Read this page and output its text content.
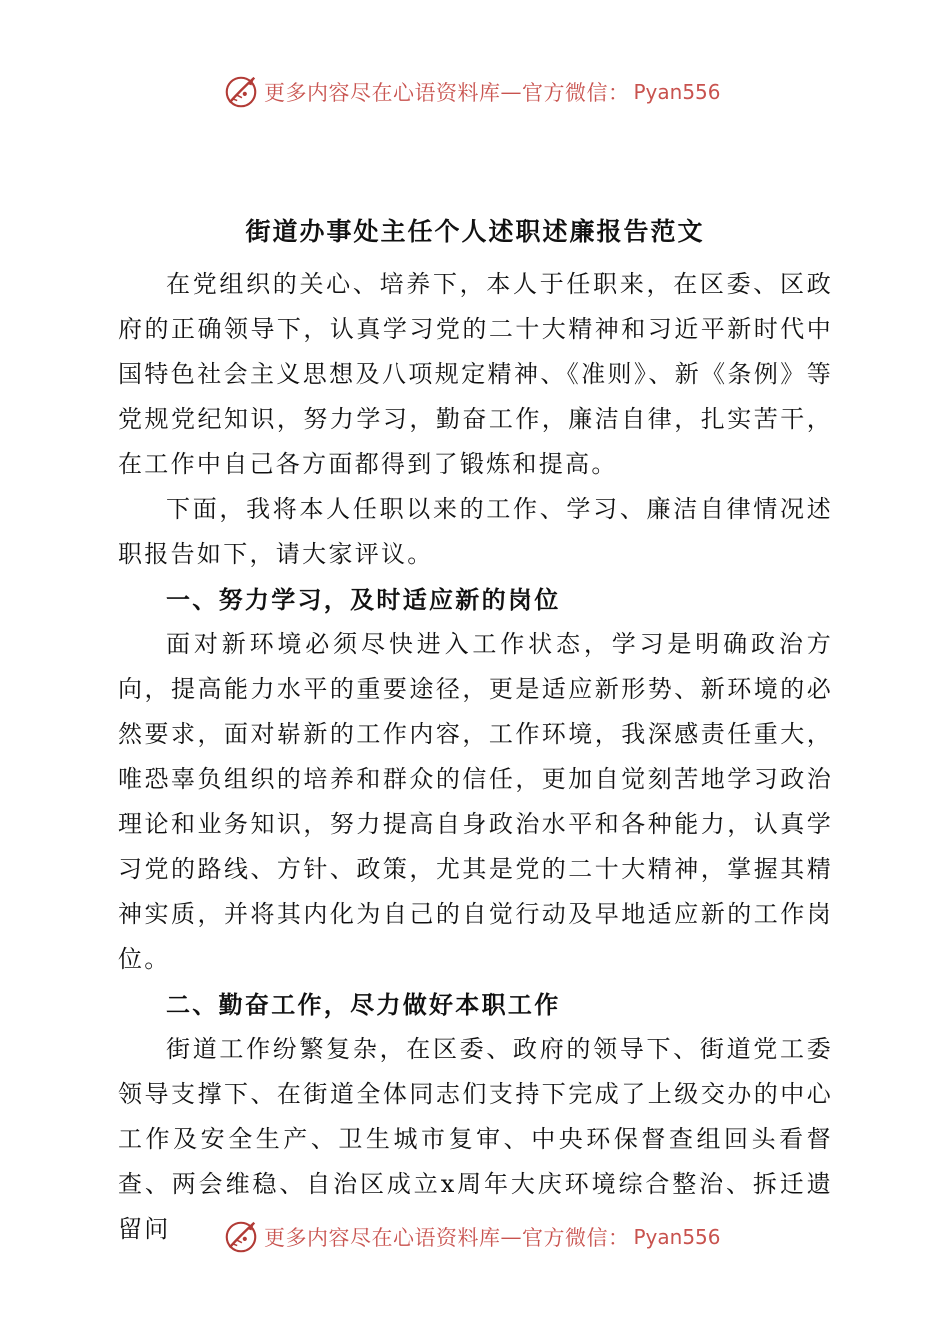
更多内容尽在心语资料库 — 官方微信： Pyan556
街道办事处主任个人述职述廉报告范文

在党组织的关心、培养下，本人于任职来，在区委、区政府的正确领导下，认真学习党的二十大精神和习近平新时代中国特色社会主义思想及八项规定精神、《准则》、新《条例》等党规党纪知识，努力学习，勤奋工作，廉洁自律，扎实苦干，在工作中自己各方面都得到了锻炼和提高。

下面，我将本人任职以来的工作、学习、廉洁自律情况述职报告如下，请大家评议。

一、努力学习，及时适应新的岗位

面对新环境必须尽快进入工作状态，学习是明确政治方向，提高能力水平的重要途径，更是适应新形势、新环境的必然要求，面对崭新的工作内容，工作环境，我深感责任重大，唯恐辜负组织的培养和群众的信任，更加自觉刻苦地学习政治理论和业务知识，努力提高自身政治水平和各种能力，认真学习党的路线、方针、政策，尤其是党的二十大精神，掌握其精神实质，并将其内化为自己的自觉行动及早地适应新的工作岗位。

二、勤奋工作，尽力做好本职工作

街道工作纷繁复杂，在区委、政府的领导下、街道党工委领导支撑下、在街道全体同志们支持下完成了上级交办的中心工作及安全生产、卫生城市复审、中央环保督查组回头看督查、两会维稳、自治区成立x周年大庆环境综合整治、拆迁遗留问	更多内容尽在心语资料库 — 官方微信： Pyan556
